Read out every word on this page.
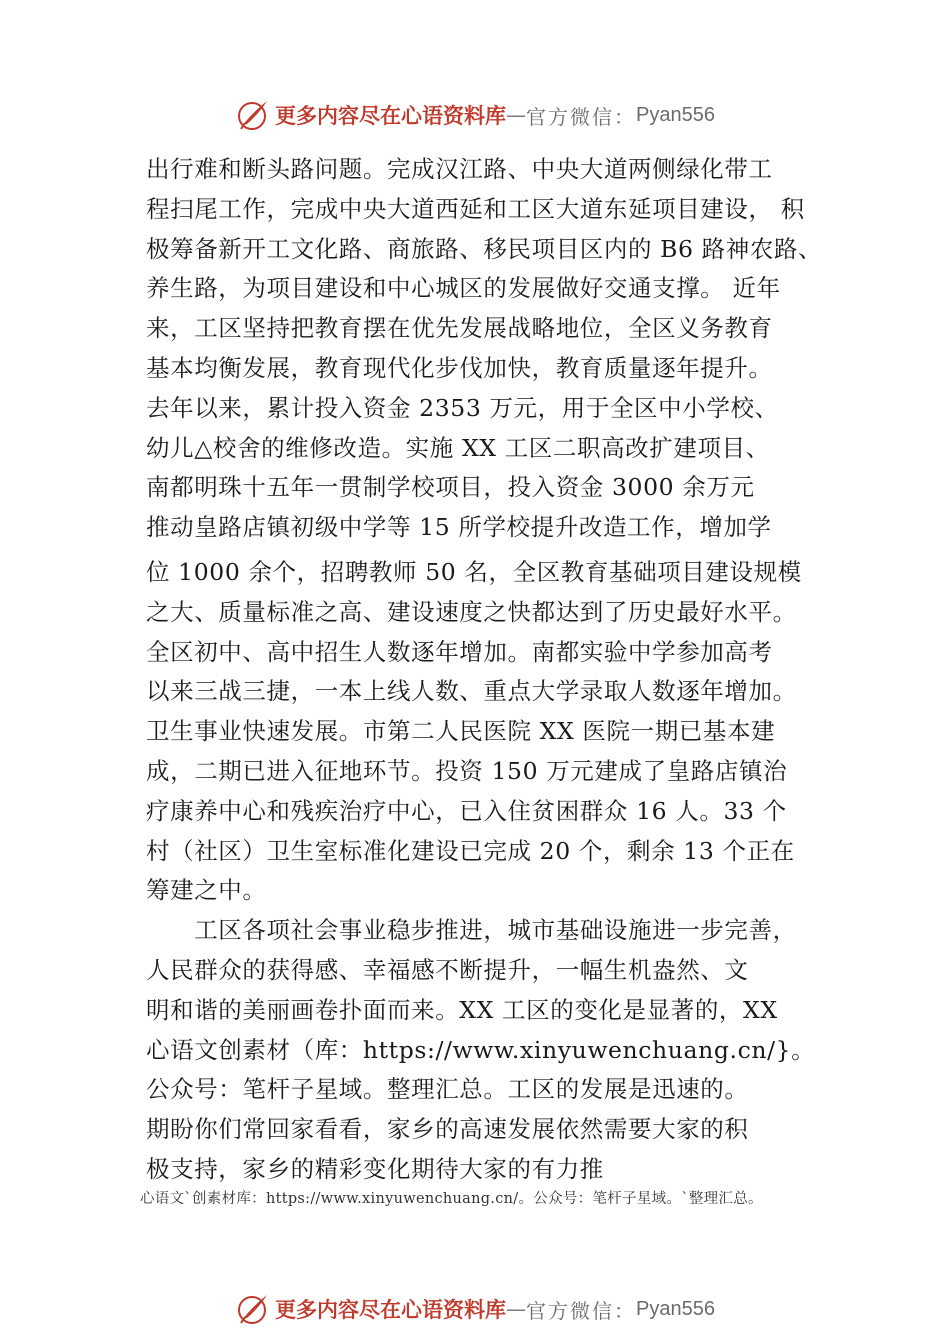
更多内容尽在心语资料库 — 官方微信： Pyan556
出行难和断头路问题。完成汉江路、中央大道两侧绿化带工
程扫尾工作，完成中央大道西延和工区大道东延项目建设， 积
极筹备新开工文化路、商旅路、移民项目区内的 B6 路神农路、
养生路，为项目建设和中心城区的发展做好交通支撑。 近年
来，工区坚持把教育摆在优先发展战略地位，全区义务教育
基本均衡发展，教育现代化步伐加快，教育质量逐年提升。
去年以来，累计投入资金 2353 万元，用于全区中小学校、
幼儿△校舍的维修改造。实施 XX 工区二职高改扩建项目、
南都明珠十五年一贯制学校项目，投入资金 3000 余万元
推动皇路店镇初级中学等 15 所学校提升改造工作，增加学
位 1000 余个，招聘教师 50 名，全区教育基础项目建设规模
之大、质量标准之高、建设速度之快都达到了历史最好水平。
全区初中、高中招生人数逐年增加。南都实验中学参加高考
以来三战三捷，一本上线人数、重点大学录取人数逐年增加。
卫生事业快速发展。市第二人民医院 XX 医院一期已基本建
成，二期已进入征地环节。投资 150 万元建成了皇路店镇治
疗康养中心和残疾治疗中心，已入住贫困群众 16 人。33 个
村（社区）卫生室标准化建设已完成 20 个，剩余 13 个正在
筹建之中。
　　工区各项社会事业稳步推进，城市基础设施进一步完善，
人民群众的获得感、幸福感不断提升，一幅生机盎然、文
明和谐的美丽画卷扑面而来。XX 工区的变化是显著的，XX
心语文创素材（库：https://www.xinyuwenchuang.cn/}。
公众号：笔杆子星域。整理汇总。工区的发展是迅速的。
期盼你们常回家看看，家乡的高速发展依然需要大家的积
极支持，家乡的精彩变化期待大家的有力推
心语文`创素材库：https://www.xinyuwenchuang.cn/。公众号：笔杆子星域。`整理汇总。
更多内容尽在心语资料库 — 官方微信： Pyan556
